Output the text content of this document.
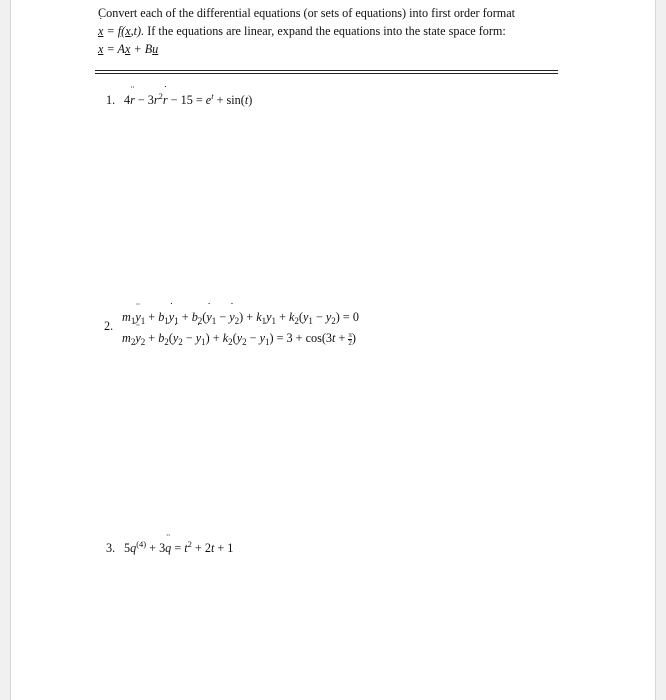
Convert each of the differential equations (or sets of equations) into first order format
˙ x = f(x,t). If the equations are linear, expand the equations into the state space form:
˙ x = Ax + Bu
1. 4¨ $r - 3r^2˙$ $r - 15 = e^t + \sin(t)$
2.
$m_1¨$ $y_1$ + $b_1˙$ $y_1$ + $b_2(˙$ $y_1$ − ˙ $y_2) + k_1y_1 + k_2(y_1 - y_2) = 0$
$m_2¨$ $y_2$ + $b_2(˙$ $y_2$ − ˙ $y_1) + k_2(y_2 - y_1) = 3 + \cos(3t + \frac{\pi}{2}$ )
3. $5q^{(4)}$ + 3¨ $q = t^2 + 2t + 1$
